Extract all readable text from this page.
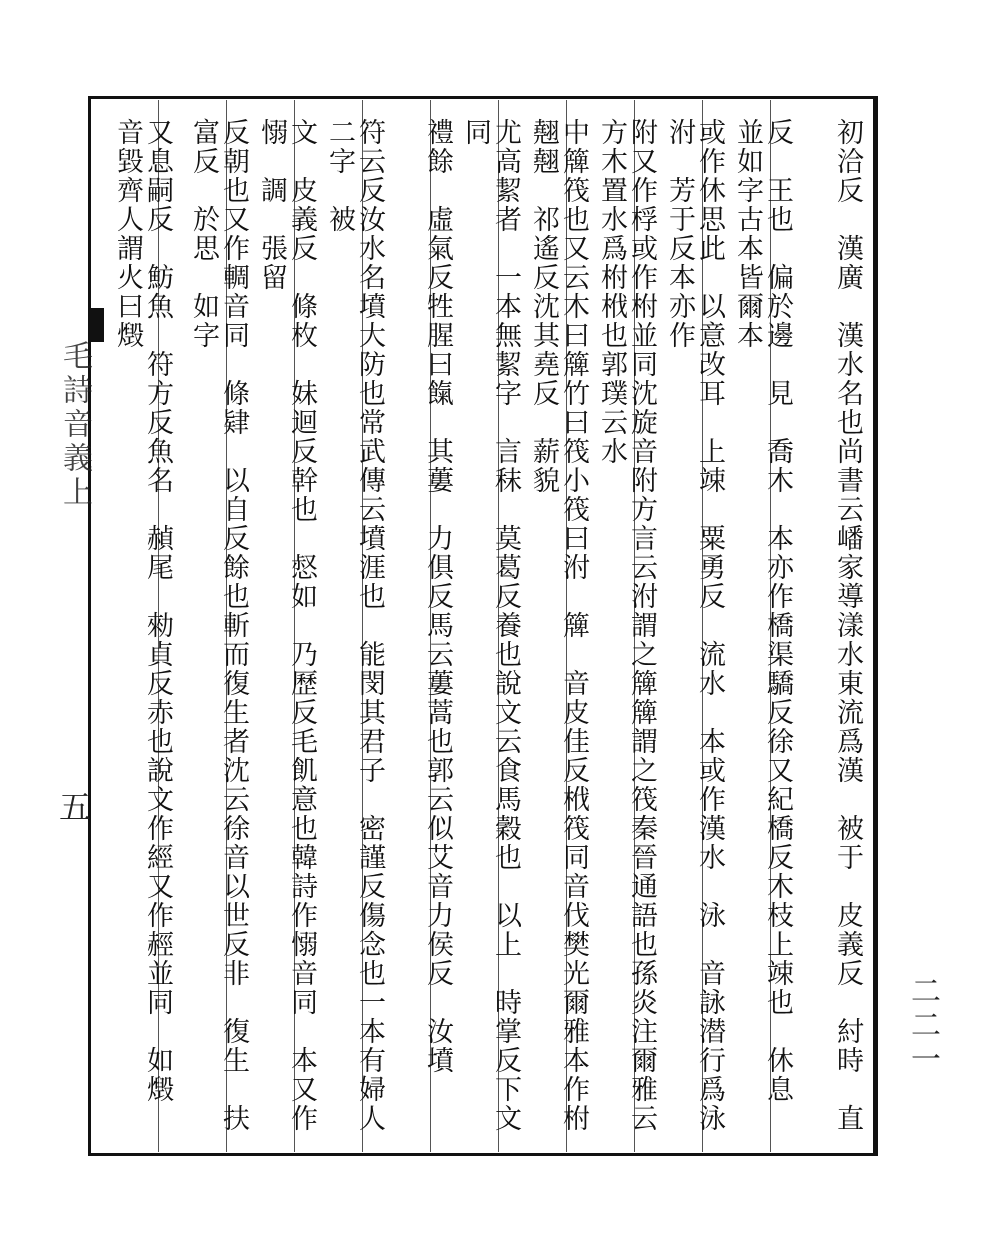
毛詩音義上
五
二二一
初洽反　漢廣　漢水名也尚書云嶓家導漾水東流爲漢　被于　皮義反　紂時　直
反　王也　偏於邊　見　喬木　本亦作橋渠驕反徐又紀橋反木枝上竦也　休息　並如字古本皆爾本
或作休思此　以意改耳　上竦　粟勇反　流水　本或作漢水　泳　音詠潜行爲泳　泭　芳于反本亦作
附又作桴或作柎並同沈旋音附方言云泭謂之簰簰謂之筏秦晉通語也孫炎注爾雅云方木置水爲柎栰也郭璞云水
中簰筏也又云木曰簰竹曰筏小筏曰泭　簰　音皮佳反栰筏同音伐樊光爾雅本作柎　翹翹　祁遙反沈其堯反　薪貌
尤高絜者　一本無絜字　言秣　莫葛反養也說文云食馬穀也　以上　時掌反下文同
禮餘　虛氣反牲腥曰餼　其蔞　力俱反馬云蔞蒿也郭云似艾音力侯反　汝墳
符云反汝水名墳大防也常武傳云墳涯也　能閔其君子　密謹反傷念也一本有婦人二字　被
文　皮義反　條枚　妹迴反幹也　惄如　乃歷反毛飢意也韓詩作愵音同　本又作愵　調　張留
反朝也又作輖音同　條肄　以自反餘也斬而復生者沈云徐音以世反非　復生　扶富反　於思　如字
又息嗣反　魴魚　符方反魚名　赬尾　勑貞反赤也說文作經又作䞓並同　如燬　音毀齊人謂火曰燬
